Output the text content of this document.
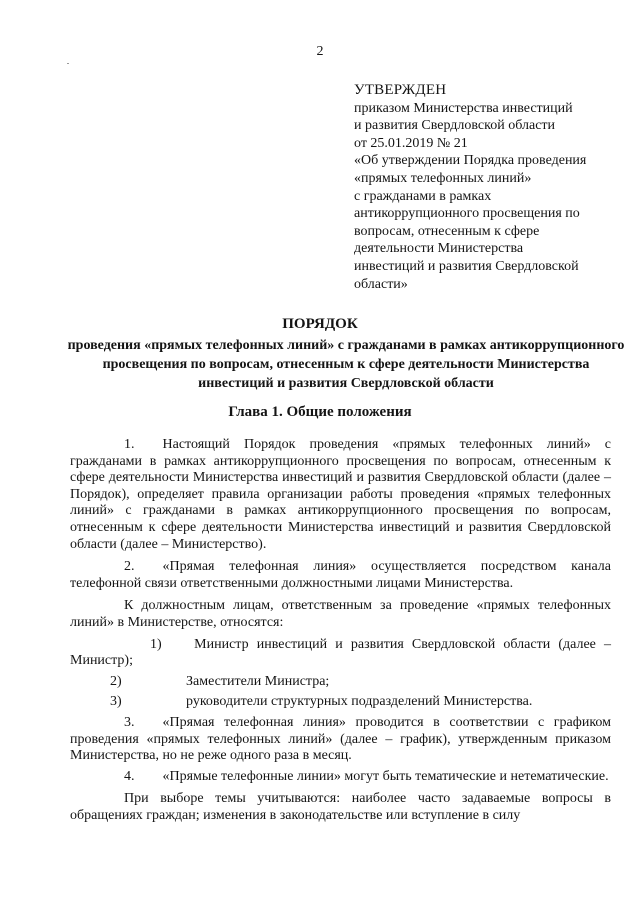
2
УТВЕРЖДЕН
приказом Министерства инвестиций
и развития Свердловской области
от 25.01.2019 № 21
«Об утверждении Порядка проведения
«прямых телефонных линий»
с гражданами в рамках
антикоррупционного просвещения по
вопросам, отнесенным к сфере
деятельности Министерства
инвестиций и развития Свердловской
области»
ПОРЯДОК
проведения «прямых телефонных линий» с гражданами в рамках антикоррупционного просвещения по вопросам, отнесенным к сфере деятельности Министерства инвестиций и развития Свердловской области
Глава 1. Общие положения

1.  Настоящий Порядок проведения «прямых телефонных линий» с гражданами в рамках антикоррупционного просвещения по вопросам, отнесенным к сфере деятельности Министерства инвестиций и развития Свердловской области (далее – Порядок), определяет правила организации работы проведения «прямых телефонных линий» с гражданами в рамках антикоррупционного просвещения по вопросам, отнесенным к сфере деятельности Министерства инвестиций и развития Свердловской области (далее – Министерство).

2.  «Прямая телефонная линия» осуществляется посредством канала телефонной связи ответственными должностными лицами Министерства.

К должностным лицам, ответственным за проведение «прямых телефонных линий» в Министерстве, относятся:

1) Министр инвестиций и развития Свердловской области (далее – Министр);
2)	Заместители Министра;
3)	руководители структурных подразделений Министерства.

3.  «Прямая телефонная линия» проводится в соответствии с графиком проведения «прямых телефонных линий» (далее – график), утвержденным приказом Министерства, но не реже одного раза в месяц.

4.  «Прямые телефонные линии» могут быть тематические и нетематические.

При выборе темы учитываются: наиболее часто задаваемые вопросы в обращениях граждан; изменения в законодательстве или вступление в силу
